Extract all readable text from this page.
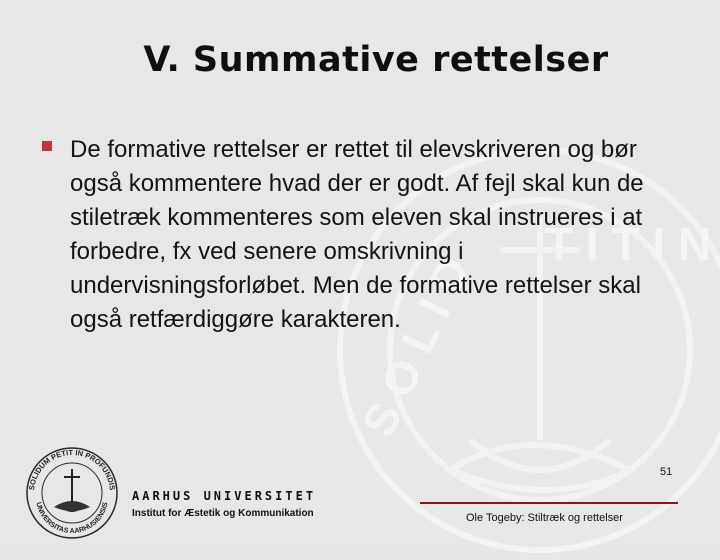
T I T I N
S O L I D
V. Summative rettelser
De formative rettelser er rettet til elevskriveren og bør også kommentere hvad der er godt. Af fejl skal kun de stiletræk kommenteres som eleven skal instrueres i at forbedre, fx ved senere omskrivning i undervisningsforløbet. Men de formative rettelser skal også retfærdiggøre karakteren.
51
SOLIDUM PETIT IN PROFUNDIS
UNIVERSITAS AARHUSIENSIS
AARHUS UNIVERSITET
Institut for Æstetik og Kommunikation	Ole Togeby: Stiltræk og rettelser
